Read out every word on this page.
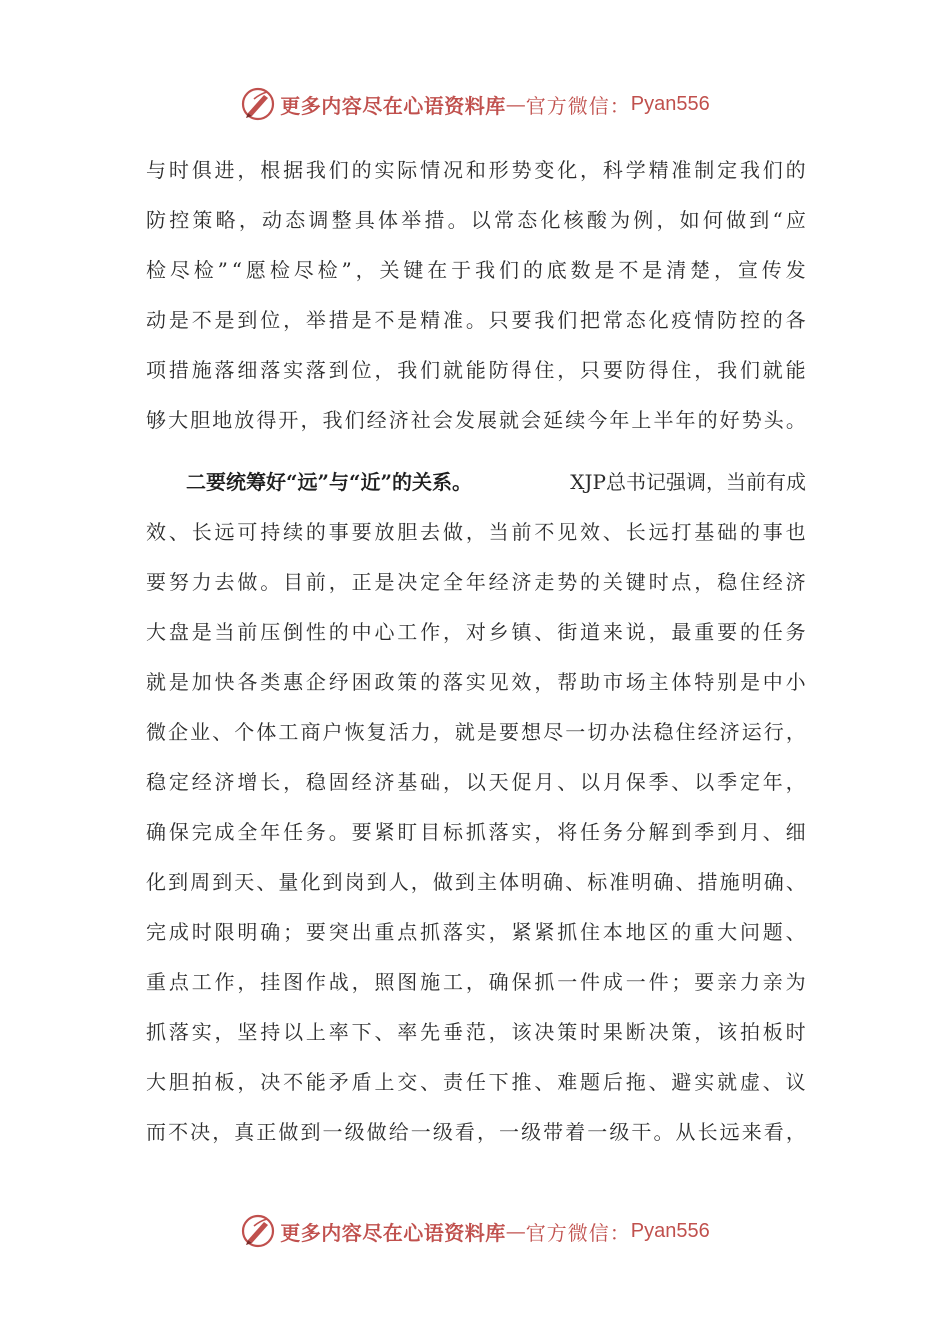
更多内容尽在心语资料库 — 官方微信： Pyan556
与 时 俱 进 ， 根 据 我 们 的 实 际 情 况 和 形 势 变 化 ， 科 学 精 准 制 定 我 们 的
防 控 策 略 ， 动 态 调 整 具 体 举 措 。 以 常 态 化 核 酸 为 例 ， 如 何 做 到 “ 应
检 尽 检 ” “ 愿 检 尽 检 ” ， 关 键 在 于 我 们 的 底 数 是 不 是 清 楚 ， 宣 传 发
动 是 不 是 到 位 ， 举 措 是 不 是 精 准 。 只 要 我 们 把 常 态 化 疫 情 防 控 的 各
项 措 施 落 细 落 实 落 到 位 ， 我 们 就 能 防 得 住 ， 只 要 防 得 住 ， 我 们 就 能
够 大 胆 地 放 得 开 ， 我 们 经 济 社 会 发 展 就 会 延 续 今 年 上 半 年 的 好 势 头 。
二要统筹好“远”与“近”的关系。	XJP总书记强调，当前有成
效 、 长 远 可 持 续 的 事 要 放 胆 去 做 ， 当 前 不 见 效 、 长 远 打 基 础 的 事 也
要 努 力 去 做 。 目 前 ， 正 是 决 定 全 年 经 济 走 势 的 关 键 时 点 ， 稳 住 经 济
大 盘 是 当 前 压 倒 性 的 中 心 工 作 ， 对 乡 镇 、 街 道 来 说 ， 最 重 要 的 任 务
就 是 加 快 各 类 惠 企 纾 困 政 策 的 落 实 见 效 ， 帮 助 市 场 主 体 特 别 是 中 小
微 企 业 、 个 体 工 商 户 恢 复 活 力 ， 就 是 要 想 尽 一 切 办 法 稳 住 经 济 运 行 ，
稳 定 经 济 增 长 ， 稳 固 经 济 基 础 ， 以 天 促 月 、 以 月 保 季 、 以 季 定 年 ，
确 保 完 成 全 年 任 务 。 要 紧 盯 目 标 抓 落 实 ， 将 任 务 分 解 到 季 到 月 、 细
化 到 周 到 天 、 量 化 到 岗 到 人 ， 做 到 主 体 明 确 、 标 准 明 确 、 措 施 明 确 、
完 成 时 限 明 确 ； 要 突 出 重 点 抓 落 实 ， 紧 紧 抓 住 本 地 区 的 重 大 问 题 、
重 点 工 作 ， 挂 图 作 战 ， 照 图 施 工 ， 确 保 抓 一 件 成 一 件 ； 要 亲 力 亲 为
抓 落 实 ， 坚 持 以 上 率 下 、 率 先 垂 范 ， 该 决 策 时 果 断 决 策 ， 该 拍 板 时
大 胆 拍 板 ， 决 不 能 矛 盾 上 交 、 责 任 下 推 、 难 题 后 拖 、 避 实 就 虚 、 议
而 不 决 ， 真 正 做 到 一 级 做 给 一 级 看 ， 一 级 带 着 一 级 干 。 从 长 远 来 看 ，
更多内容尽在心语资料库 — 官方微信： Pyan556
